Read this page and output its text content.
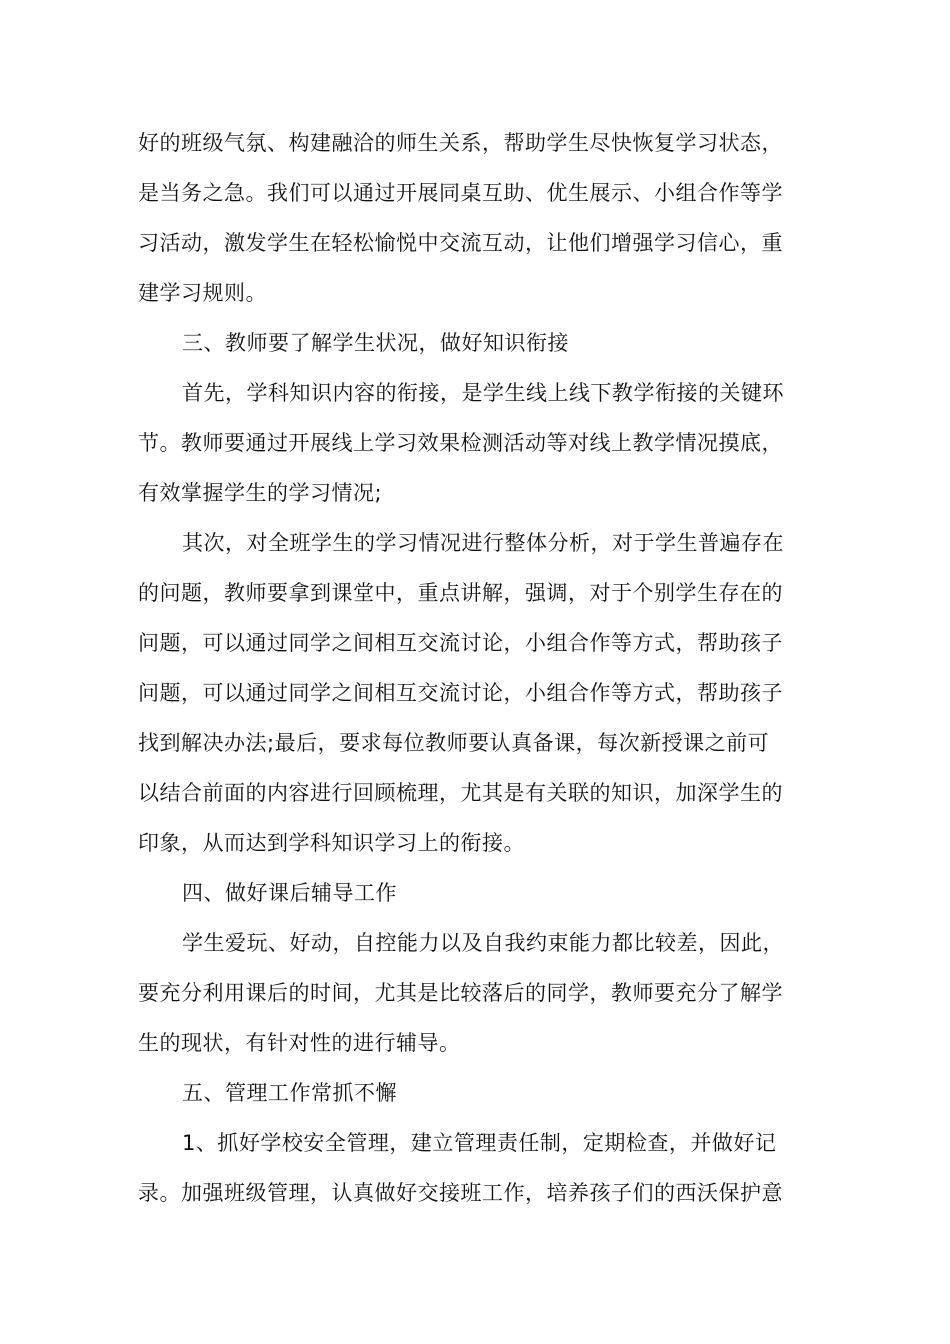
好的班级气氛、构建融洽的师生关系，帮助学生尽快恢复学习状态，
是当务之急。我们可以通过开展同桌互助、优生展示、小组合作等学
习活动，激发学生在轻松愉悦中交流互动，让他们增强学习信心，重
建学习规则。
三、教师要了解学生状况，做好知识衔接
首先，学科知识内容的衔接，是学生线上线下教学衔接的关键环
节。教师要通过开展线上学习效果检测活动等对线上教学情况摸底，
有效掌握学生的学习情况;
其次，对全班学生的学习情况进行整体分析，对于学生普遍存在
的问题，教师要拿到课堂中，重点讲解，强调，对于个别学生存在的
问题，可以通过同学之间相互交流讨论，小组合作等方式，帮助孩子
问题，可以通过同学之间相互交流讨论，小组合作等方式，帮助孩子
找到解决办法;最后，要求每位教师要认真备课，每次新授课之前可
以结合前面的内容进行回顾梳理，尤其是有关联的知识，加深学生的
印象，从而达到学科知识学习上的衔接。
四、做好课后辅导工作
学生爱玩、好动，自控能力以及自我约束能力都比较差，因此，
要充分利用课后的时间，尤其是比较落后的同学，教师要充分了解学
生的现状，有针对性的进行辅导。
五、管理工作常抓不懈
1、抓好学校安全管理，建立管理责任制，定期检查，并做好记
录。加强班级管理，认真做好交接班工作，培养孩子们的西沃保护意
